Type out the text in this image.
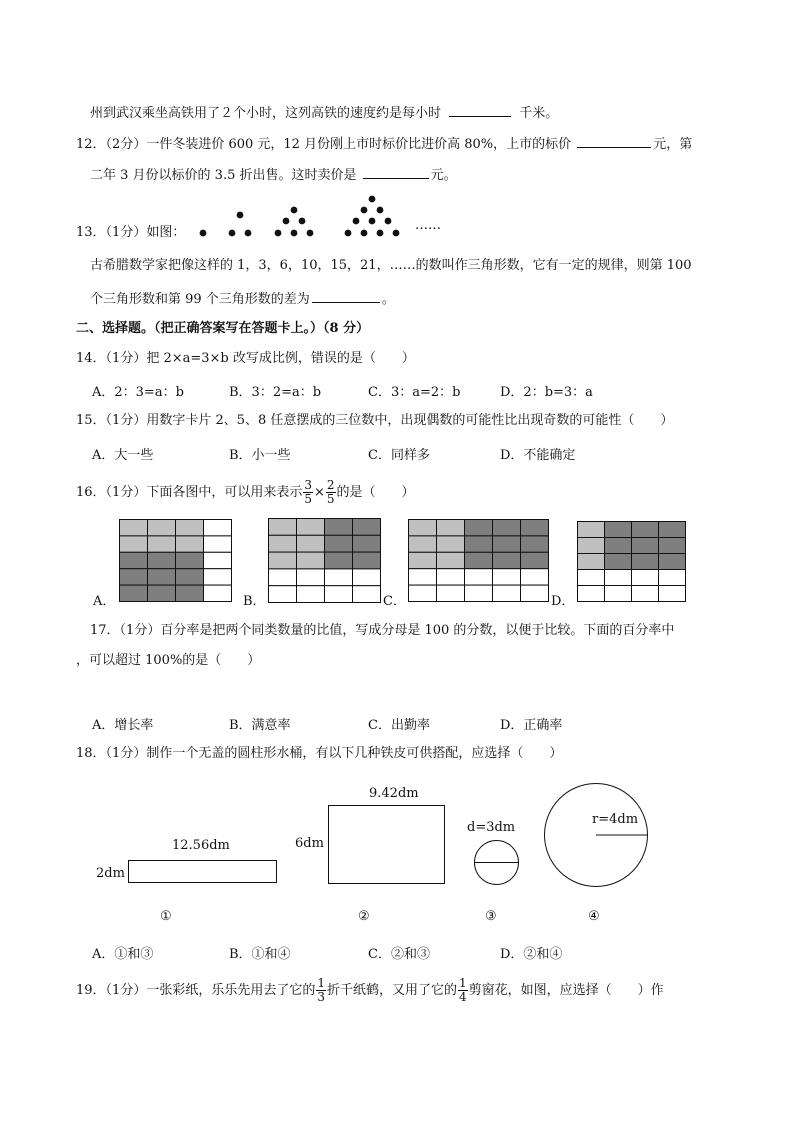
州到武汉乘坐高铁用了２个小时，这列高铁的速度约是每小时	千米。
12．（2分）一件冬装进价 600 元，12 月份刚上市时标价比进价高 80%，上市的标价	元，第
二年 3 月份以标价的 3.5 折出售。这时卖价是	元。
13．（1分）如图：	……
古希腊数学家把像这样的 1，3，6，10，15，21，……的数叫作三角形数，它有一定的规律，则第 100
个三角形数和第 99 个三角形数的差为	。
二、选择题。（把正确答案写在答题卡上。）（8 分）
14．（1分）把 2×a=3×b 改写成比例，错误的是（　　）
A．2：3=a：b	B．3：2=a：b	C．3：a=2：b	D．2：b=3：a
15．（1分）用数字卡片 2、5、8 任意摆成的三位数中，出现偶数的可能性比出现奇数的可能性（　　）
A．大一些	B．小一些	C．同样多	D．不能确定
16．（1分）下面各图中，可以用来表示 $\frac{3}{5} \times \frac{2}{5}$ 的是（　　）
A．	B．	C．	D．
17．（1分）百分率是把两个同类数量的比值，写成分母是 100 的分数，以便于比较。下面的百分率中
，可以超过 100%的是（　　）
A．增长率	B．满意率	C．出勤率	D．正确率
18．（1分）制作一个无盖的圆柱形水桶，有以下几种铁皮可供搭配，应选择（　　）
12.56dm
2dm
①
9.42dm
6dm
②
d=3dm
③
r=4dm
④
A．①和③	B．①和④	C．②和③	D．②和④
19．（1分）一张彩纸，乐乐先用去了它的 $\frac{1}{3}$ 折千纸鹤，又用了它的 $\frac{1}{4}$ 剪窗花，如图，应选择（　　）作
